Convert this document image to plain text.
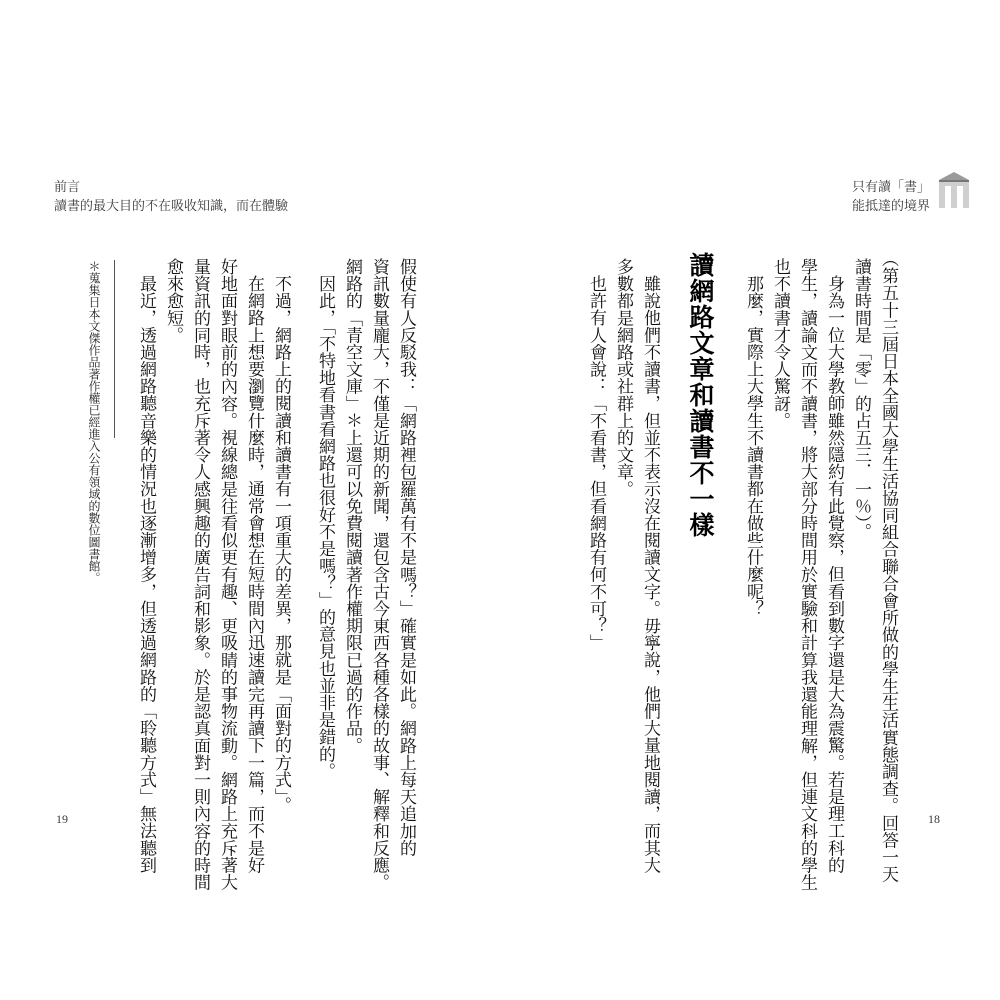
前言
讀書的最大目的不在吸收知識，而在體驗
假使有人反駁我：「網路裡包羅萬有不是嗎？」確實是如此。網路上每天追加的
資訊數量龐大，不僅是近期的新聞，還包含古今東西各種各樣的故事、解釋和反應。
網路的「青空文庫」＊上還可以免費閱讀著作權期限已過的作品。
因此，「不特地看書看網路也很好不是嗎？」的意見也並非是錯的。
不過，網路上的閱讀和讀書有一項重大的差異，那就是「面對的方式」。
在網路上想要瀏覽什麼時，通常會想在短時間內迅速讀完再讀下一篇，而不是好
好地面對眼前的內容。視線總是往看似更有趣、更吸睛的事物流動。網路上充斥著大
量資訊的同時，也充斥著令人感興趣的廣告詞和影象。於是認真面對一則內容的時間
愈來愈短。
最近，透過網路聽音樂的情況也逐漸增多，但透過網路的「聆聽方式」無法聽到
＊蒐集日本文傑作品著作權已經進入公有領域的數位圖書館。
19
只有讀「書」
能抵達的境界
（第五十三屆日本全國大學生活協同組合聯合會所做的學生生活實態調查。回答一天
讀書時間是「零」的占五三．一％）。
身為一位大學教師雖然隱約有此覺察，但看到數字還是大為震驚。若是理工科的
學生，讀論文而不讀書，將大部分時間用於實驗和計算我還能理解，但連文科的學生
也不讀書才令人驚訝。
那麼，實際上大學生不讀書都在做些什麼呢？
讀網路文章和讀書不一樣
雖說他們不讀書，但並不表示沒在閱讀文字。毋寧說，他們大量地閱讀，而其大
多數都是網路或社群上的文章。
也許有人會說：「不看書，但看網路有何不可？」
18
